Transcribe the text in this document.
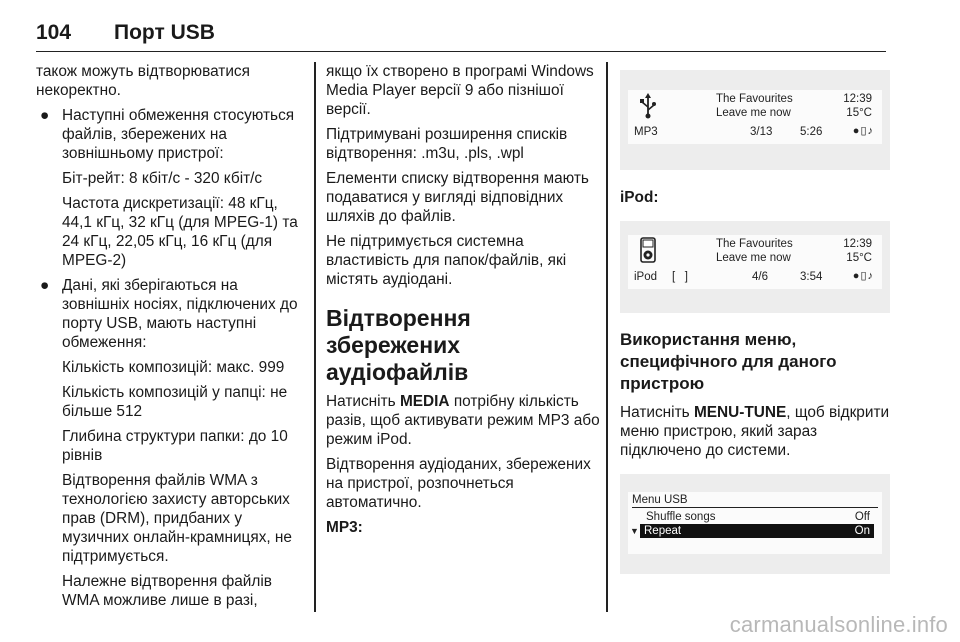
104 Порт USB

також можуть відтворюватися некоректно.

● Наступні обмеження стосуються файлів, збережених на зовнішньому пристрої:
Біт-рейт: 8 кбіт/с - 320 кбіт/с
Частота дискретизації: 48 кГц, 44,1 кГц, 32 кГц (для MPEG-1) та 24 кГц, 22,05 кГц, 16 кГц (для MPEG-2)
● Дані, які зберігаються на зовнішніх носіях, підключених до порту USB, мають наступні обмеження:
Кількість композицій: макс. 999
Кількість композицій у папці: не більше 512
Глибина структури папки: до 10 рівнів
Відтворення файлів WMA з технологією захисту авторських прав (DRM), придбаних у музичних онлайн-крамницях, не підтримується.
Належне відтворення файлів WMA можливе лише в разі,

якщо їх створено в програмі Windows Media Player версії 9 або пізнішої версії.

Підтримувані розширення списків відтворення: .m3u, .pls, .wpl

Елементи списку відтворення мають подаватися у вигляді відповідних шляхів до файлів.

Не підтримується системна властивість для папок/файлів, які містять аудіодані.

Відтворення збережених аудіофайлів

Натисніть MEDIA потрібну кількість разів, щоб активувати режим MP3 або режим iPod.

Відтворення аудіоданих, збережених на пристрої, розпочнеться автоматично.

MP3:

The Favourites
Leave me now
12:39
15°C
MP3	3/13 5:26	●▯♪

iPod:

The Favourites
Leave me now
12:39
15°C
iPod [   ]	4/6	3:54	●▯♪
Використання меню, специфічного для даного пристрою

Натисніть MENU-TUNE, щоб відкрити меню пристрою, який зараз підключено до системи.

Menu USB
Shuffle songs	Off
▼ Repeat	On
carmanualsonline.info
